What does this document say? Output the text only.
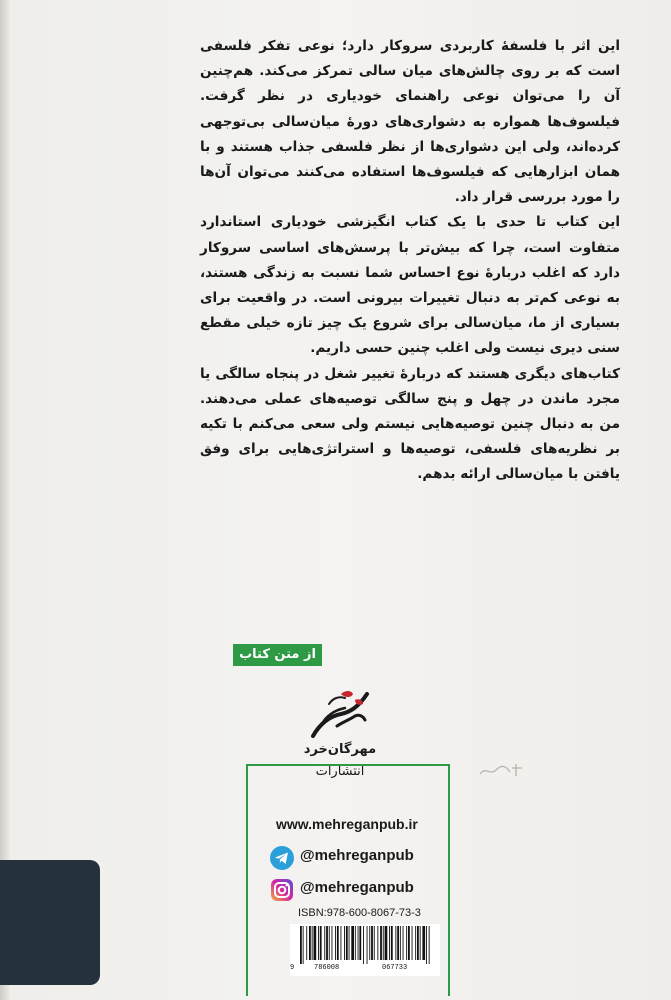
این اثر با فلسفهٔ کاربردی سروکار دارد؛ نوعی تفکر فلسفی است که بر روی چالش‌های میان سالی تمرکز می‌کند. هم‌چنین آن را می‌توان نوعی راهنمای خودیاری در نظر گرفت. فیلسوف‌ها همواره به دشواری‌های دورهٔ میان‌سالی بی‌توجهی کرده‌اند، ولی این دشواری‌ها از نظر فلسفی جذاب هستند و با همان ابزارهایی که فیلسوف‌ها استفاده می‌کنند می‌توان آن‌ها را مورد بررسی قرار داد.

این کتاب تا حدی با یک کتاب انگیزشی خودیاری استاندارد متفاوت است، چرا که بیش‌تر با پرسش‌های اساسی سروکار دارد که اغلب دربارهٔ نوع احساس شما نسبت به زندگی هستند، به نوعی کم‌تر به دنبال تغییرات بیرونی است. در واقعیت برای بسیاری از ما، میان‌سالی برای شروع یک چیز تازه خیلی مقطع سنی دیری نیست ولی اغلب چنین حسی داریم.

کتاب‌های دیگری هستند که دربارهٔ تغییر شغل در پنجاه سالگی یا مجرد ماندن در چهل و پنج سالگی توصیه‌های عملی می‌دهند. من به دنبال چنین توصیه‌هایی نیستم ولی سعی می‌کنم با تکیه بر نظریه‌های فلسفی، توصیه‌ها و استراتژی‌هایی برای وفق یافتن با میان‌سالی ارائه بدهم.

از متن کتاب
مهرگان‌خرد
انتشارات
www.mehreganpub.ir
@mehreganpub
@mehreganpub
ISBN:978-600-8067-73-3
9	786008	067733
